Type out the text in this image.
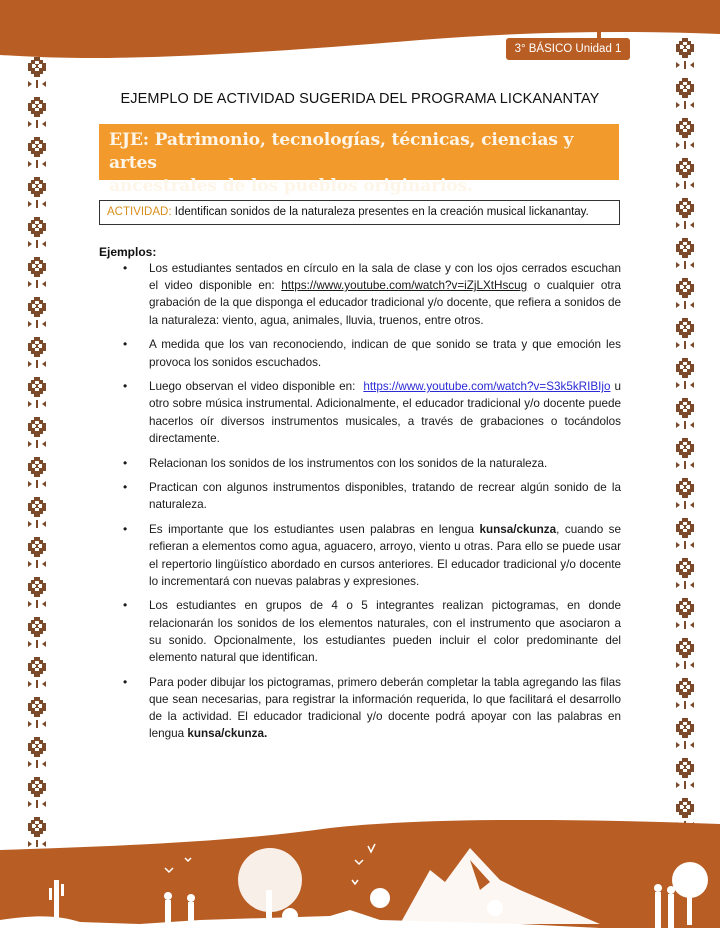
3° BÁSICO Unidad 1
EJEMPLO DE ACTIVIDAD SUGERIDA DEL PROGRAMA LICKANANTAY
EJE: Patrimonio, tecnologías, técnicas, ciencias y artes
ancestrales de los pueblos originarios.
ACTIVIDAD: Identifican sonidos de la naturaleza presentes en la creación musical lickanantay.
Ejemplos:
• Los estudiantes sentados en círculo en la sala de clase y con los ojos cerrados escuchan el video disponible en: https://www.youtube.com/watch?v=iZjLXtHscug o cualquier otra grabación de la que disponga el educador tradicional y/o docente, que refiera a sonidos de la naturaleza: viento, agua, animales, lluvia, truenos, entre otros.
• A medida que los van reconociendo, indican de que sonido se trata y que emoción les provoca los sonidos escuchados.
• Luego observan el video disponible en:  https://www.youtube.com/watch?v=S3k5kRIBIjo u otro sobre música instrumental. Adicionalmente, el educador tradicional y/o docente puede hacerlos oír diversos instrumentos musicales, a través de grabaciones o tocándolos directamente.
• Relacionan los sonidos de los instrumentos con los sonidos de la naturaleza.
• Practican con algunos instrumentos disponibles, tratando de recrear algún sonido de la naturaleza.
• Es importante que los estudiantes usen palabras en lengua kunsa/ckunza, cuando se refieran a elementos como agua, aguacero, arroyo, viento u otras. Para ello se puede usar el repertorio lingüístico abordado en cursos anteriores. El educador tradicional y/o docente lo incrementará con nuevas palabras y expresiones.
• Los estudiantes en grupos de 4 o 5 integrantes realizan pictogramas, en donde relacionarán los sonidos de los elementos naturales, con el instrumento que asociaron a su sonido. Opcionalmente, los estudiantes pueden incluir el color predominante del elemento natural que identifican.
• Para poder dibujar los pictogramas, primero deberán completar la tabla agregando las filas que sean necesarias, para registrar la información requerida, lo que facilitará el desarrollo de la actividad. El educador tradicional y/o docente podrá apoyar con las palabras en lengua kunsa/ckunza.
